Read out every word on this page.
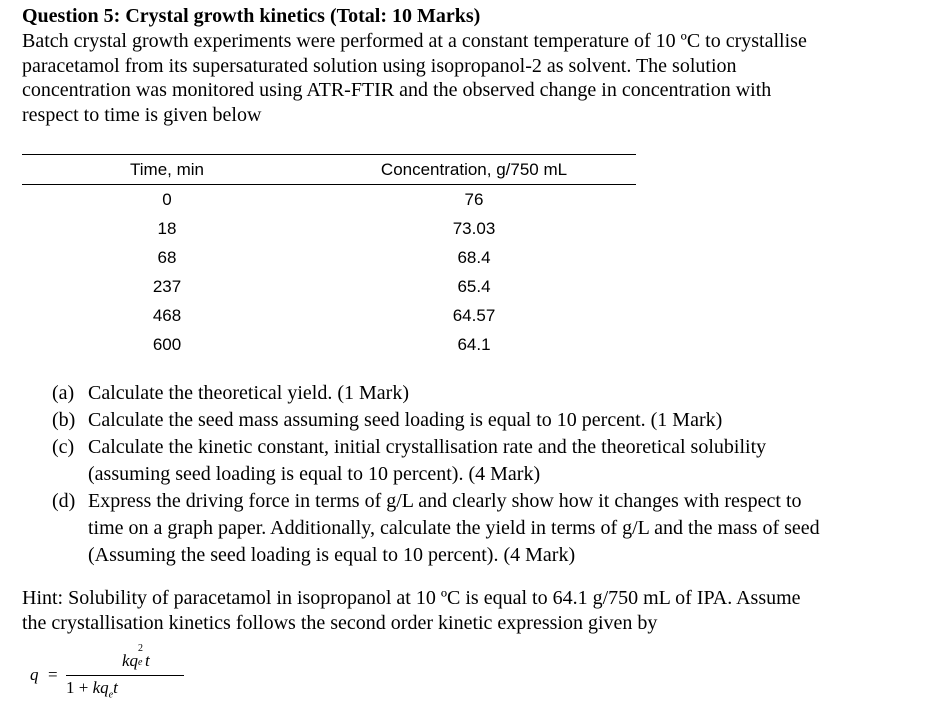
Question 5: Crystal growth kinetics (Total: 10 Marks)

Batch crystal growth experiments were performed at a constant temperature of 10 ºC to crystallise

paracetamol from its supersaturated solution using isopropanol-2 as solvent. The solution

concentration was monitored using ATR-FTIR and the observed change in concentration with

respect to time is given below

Time, min	Concentration, g/750 mL
0	76
18	73.03
68	68.4
237	65.4
468	64.57
600	64.1
(a) Calculate the theoretical yield. (1 Mark)
(b) Calculate the seed mass assuming seed loading is equal to 10 percent. (1 Mark)
(c) Calculate the kinetic constant, initial crystallisation rate and the theoretical solubility
(assuming seed loading is equal to 10 percent). (4 Mark)
(d) Express the driving force in terms of g/L and clearly show how it changes with respect to
time on a graph paper. Additionally, calculate the yield in terms of g/L and the mass of seed
(Assuming the seed loading is equal to 10 percent). (4 Mark)

Hint: Solubility of paracetamol in isopropanol at 10 ºC is equal to 64.1 g/750 mL of IPA. Assume

the crystallisation kinetics follows the second order kinetic expression given by

q =
kq
2
e t
$1 + kq_et$
